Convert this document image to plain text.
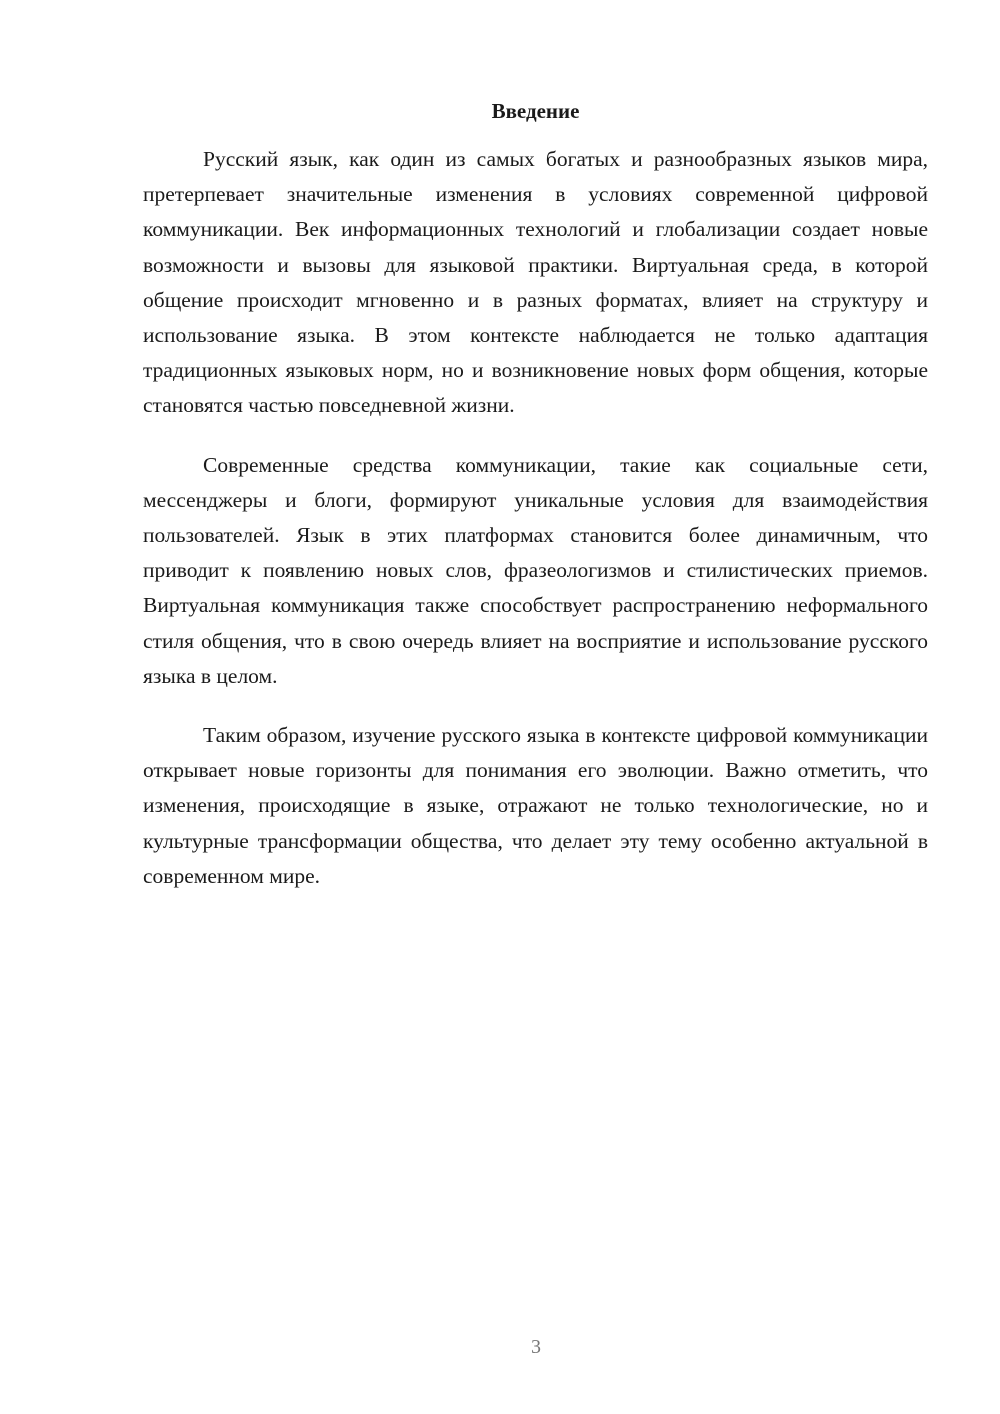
Введение

Русский язык, как один из самых богатых и разнообразных языков мира, претерпевает значительные изменения в условиях современной цифровой коммуникации. Век информационных технологий и глобализации создает новые возможности и вызовы для языковой практики. Виртуальная среда, в которой общение происходит мгновенно и в разных форматах, влияет на структуру и использование языка. В этом контексте наблюдается не только адаптация традиционных языковых норм, но и возникновение новых форм общения, которые становятся частью повседневной жизни.

Современные средства коммуникации, такие как социальные сети, мессенджеры и блоги, формируют уникальные условия для взаимодействия пользователей. Язык в этих платформах становится более динамичным, что приводит к появлению новых слов, фразеологизмов и стилистических приемов. Виртуальная коммуникация также способствует распространению неформального стиля общения, что в свою очередь влияет на восприятие и использование русского языка в целом.

Таким образом, изучение русского языка в контексте цифровой коммуникации открывает новые горизонты для понимания его эволюции. Важно отметить, что изменения, происходящие в языке, отражают не только технологические, но и культурные трансформации общества, что делает эту тему особенно актуальной в современном мире.

3
